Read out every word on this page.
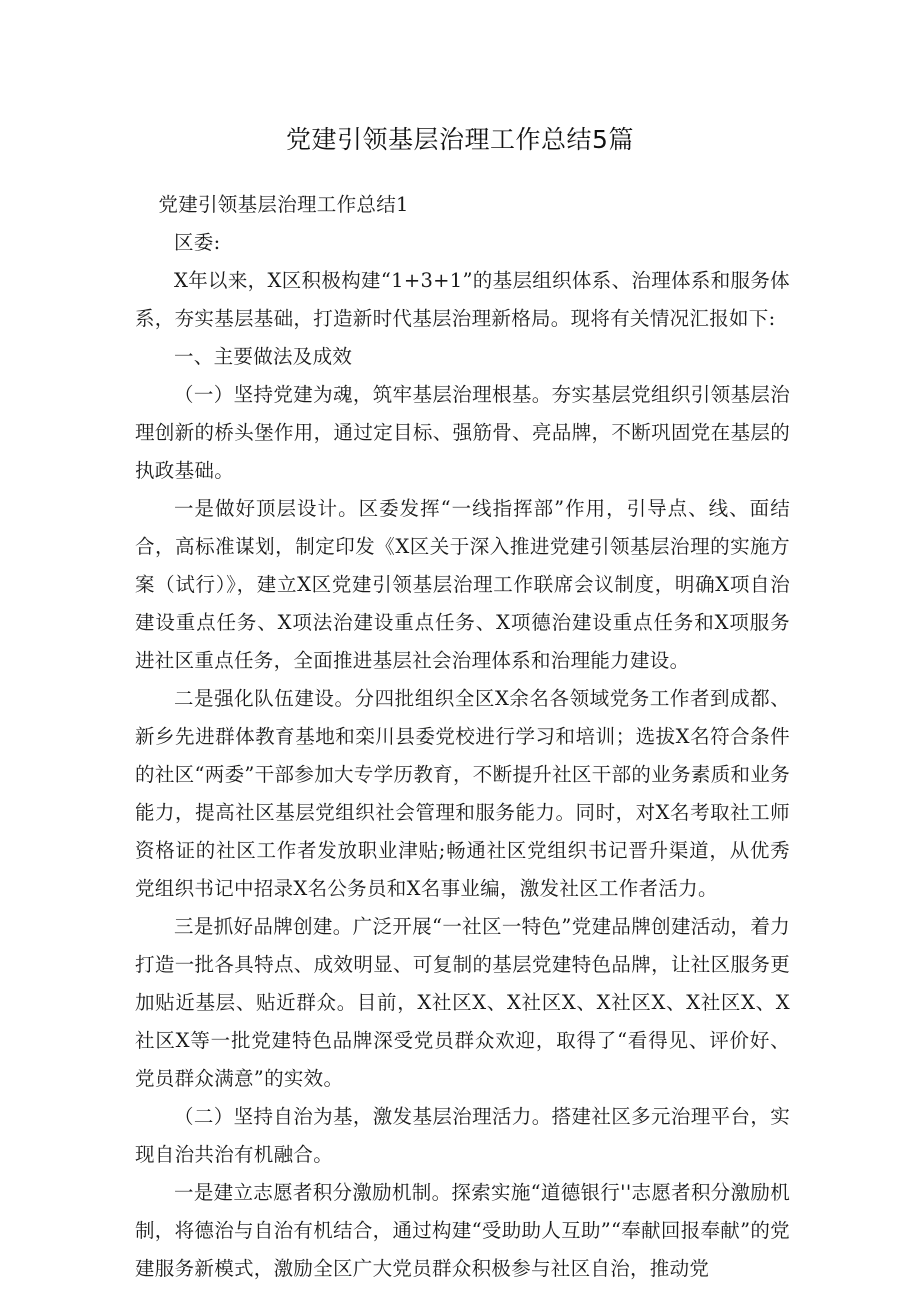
党建引领基层治理工作总结5篇

党建引领基层治理工作总结1

区委:

X年以来，X区积极构建“1+3+1”的基层组织体系、治理体系和服务体系，夯实基层基础，打造新时代基层治理新格局。现将有关情况汇报如下:

一、主要做法及成效

（一）坚持党建为魂，筑牢基层治理根基。夯实基层党组织引领基层治理创新的桥头堡作用，通过定目标、强筋骨、亮品牌，不断巩固党在基层的执政基础。

一是做好顶层设计。区委发挥“一线指挥部”作用，引导点、线、面结合，高标准谋划，制定印发《X区关于深入推进党建引领基层治理的实施方案（试行）》，建立X区党建引领基层治理工作联席会议制度，明确X项自治建设重点任务、X项法治建设重点任务、X项德治建设重点任务和X项服务进社区重点任务，全面推进基层社会治理体系和治理能力建设。

二是强化队伍建设。分四批组织全区X余名各领域党务工作者到成都、新乡先进群体教育基地和栾川县委党校进行学习和培训；选拔X名符合条件的社区“两委”干部参加大专学历教育，不断提升社区干部的业务素质和业务能力，提高社区基层党组织社会管理和服务能力。同时，对X名考取社工师资格证的社区工作者发放职业津贴;畅通社区党组织书记晋升渠道，从优秀党组织书记中招录X名公务员和X名事业编，激发社区工作者活力。

三是抓好品牌创建。广泛开展“一社区一特色”党建品牌创建活动，着力打造一批各具特点、成效明显、可复制的基层党建特色品牌，让社区服务更加贴近基层、贴近群众。目前，X社区X、X社区X、X社区X、X社区X、X社区X等一批党建特色品牌深受党员群众欢迎，取得了“看得见、评价好、党员群众满意”的实效。

（二）坚持自治为基，激发基层治理活力。搭建社区多元治理平台，实现自治共治有机融合。

一是建立志愿者积分激励机制。探索实施“道德银行''志愿者积分激励机制，将德治与自治有机结合，通过构建“受助助人互助”“奉献回报奉献”的党建服务新模式，激励全区广大党员群众积极参与社区自治，推动党
